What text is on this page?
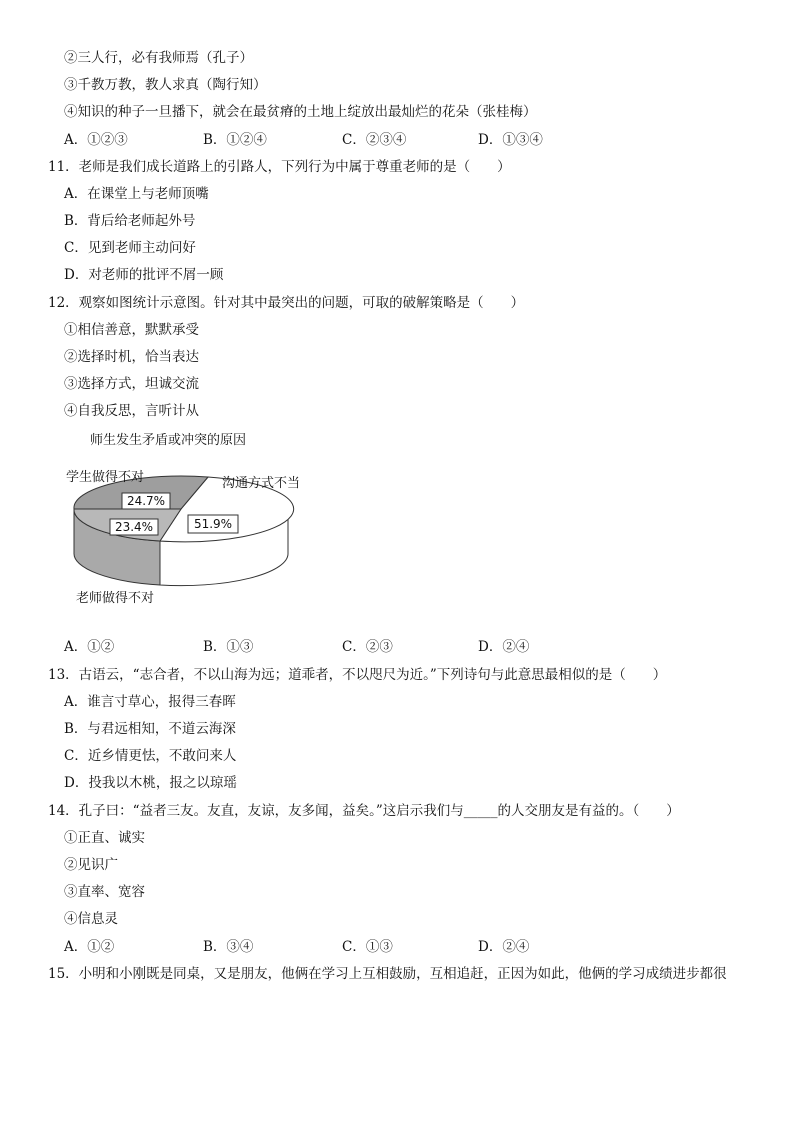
②三人行，必有我师焉（孔子）
③千教万教，教人求真（陶行知）
④知识的种子一旦播下，就会在最贫瘠的土地上绽放出最灿烂的花朵（张桂梅）
A．①②③	B．①②④	C．②③④	D．①③④
11．老师是我们成长道路上的引路人，下列行为中属于尊重老师的是（　　）
A．在课堂上与老师顶嘴
B．背后给老师起外号
C．见到老师主动问好
D．对老师的批评不屑一顾
12．观察如图统计示意图。针对其中最突出的问题，可取的破解策略是（　　）
①相信善意，默默承受
②选择时机，恰当表达
③选择方式，坦诚交流
④自我反思，言听计从
师生发生矛盾或冲突的原因
24.7%
23.4%	51.9%
学生做得不对	沟通方式不当
老师做得不对
A．①②	B．①③	C．②③	D．②④
13．古语云，“志合者，不以山海为远；道乖者，不以咫尺为近。”下列诗句与此意思最相似的是（　　）
A．谁言寸草心，报得三春晖
B．与君远相知，不道云海深
C．近乡情更怯，不敢问来人
D．投我以木桃，报之以琼瑶
14．孔子曰：“益者三友。友直，友谅，友多闻，益矣。”这启示我们与_____的人交朋友是有益的。（　　）
①正直、诚实
②见识广
③直率、宽容
④信息灵
A．①②	B．③④	C．①③	D．②④
15．小明和小刚既是同桌，又是朋友，他俩在学习上互相鼓励，互相追赶，正因为如此，他俩的学习成绩进步都很
